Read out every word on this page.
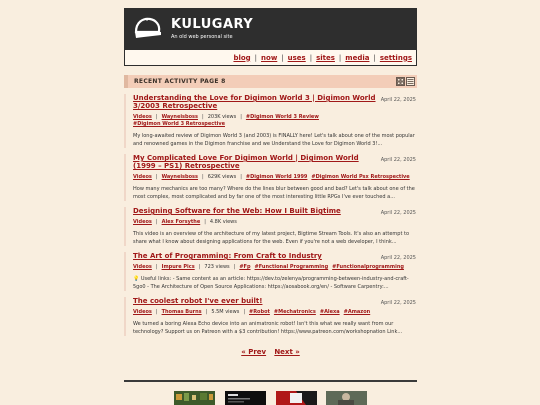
KULUGARY
An old web personal site
blog | now | uses | sites | media | settings
RECENT ACTIVITY PAGE 8
Understanding the Love for Digimon World 3 | Digimon World 3/2003 Retrospective
April 22, 2025
Videos | Wayneisboss | 203K views | #Digimon World 3 Review
#Digimon World 3 Retrospective
My long-awaited review of Digimon World 3 (and 2003) is FINALLY here! Let's talk about one of the most popular and renowned games in the Digimon franchise and we Understand the Love for Digimon World 3!...
My Complicated Love For Digimon World | Digimon World (1999 – PS1) Retrospective
April 22, 2025
Videos | Wayneisboss | 629K views | #Digimon World 1999 #Digimon World Psx Retrospective
How many mechanics are too many? Where do the lines blur between good and bad? Let's talk about one of the most complex, most complicated and by far one of the most interesting little RPGs I've ever touched a...
Designing Software for the Web: How I Built Bigtime	April 22, 2025
Videos | Alex Forsythe | 4.8K views
This video is an overview of the architecture of my latest project, Bigtime Stream Tools. It's also an attempt to share what I know about designing applications for the web. Even if you're not a web developer, I think...
The Art of Programming: From Craft to Industry	April 22, 2025
Videos | Impure Pics | 723 views | #Fp #Functional Programming #Functionalprogramming
💡 Useful links: - Same content as an article: https://dev.to/zelenya/programming-between-industry-and-craft-5go0 - The Architecture of Open Source Applications: https://aosabook.org/en/ - Software Carpentry:...
The coolest robot I've ever built!	April 22, 2025
Videos | Thomas Burns | 5.5M views | #Robot #Mechatronics #Alexa #Amazon
We turned a boring Alexa Echo device into an animatronic robot! Isn't this what we really want from our technology? Support us on Patreon with a $3 contribution! https://www.patreon.com/workshopnation Link...
« Prev Next »
